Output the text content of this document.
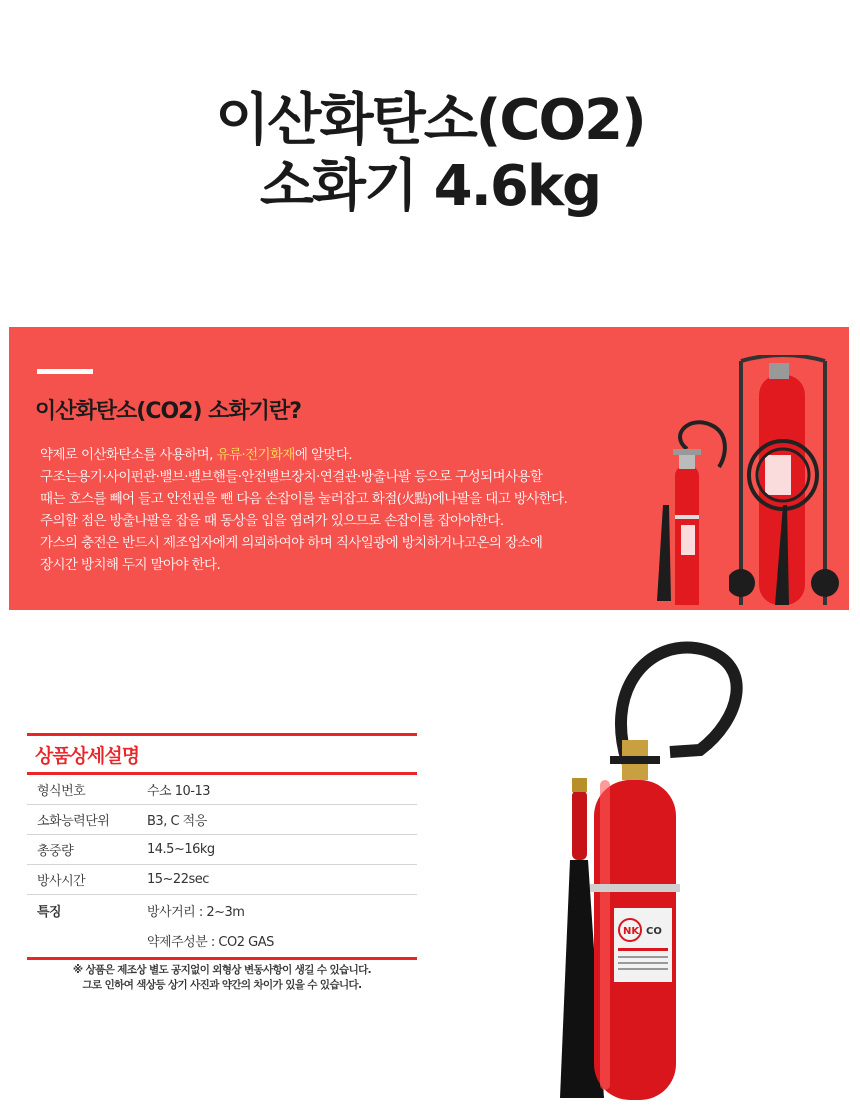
이산화탄소(CO2)
소화기 4.6kg
이산화탄소(CO2) 소화기란?
약제로 이산화탄소를 사용하며, 유류·전기화재에 알맞다.
구조는용기·사이펀관·밸브·밸브핸들·안전밸브장치·연결관·방출나팔 등으로 구성되며사용할
때는 호스를 빼어 들고 안전핀을 뺀 다음 손잡이를 눌러잡고 화점(火點)에나팔을 대고 방사한다.
주의할 점은 방출나팔을 잡을 때 동상을 입을 염려가 있으므로 손잡이를 잡아야한다.
가스의 충전은 반드시 제조업자에게 의뢰하여야 하며 직사일광에 방치하거나고온의 장소에
장시간 방치해 두지 말아야 한다.
NK CO
상품상세설명
형식번호	수소 10-13
소화능력단위	B3, C 적응
총중량	14.5~16kg
방사시간	15~22sec
특징	방사거리 : 2~3m
약제주성분 : CO2 GAS
※ 상품은 제조상 별도 공지없이 외형상 변동사항이 생길 수 있습니다.
그로 인하여 색상등 상기 사진과 약간의 차이가 있을 수 있습니다.
